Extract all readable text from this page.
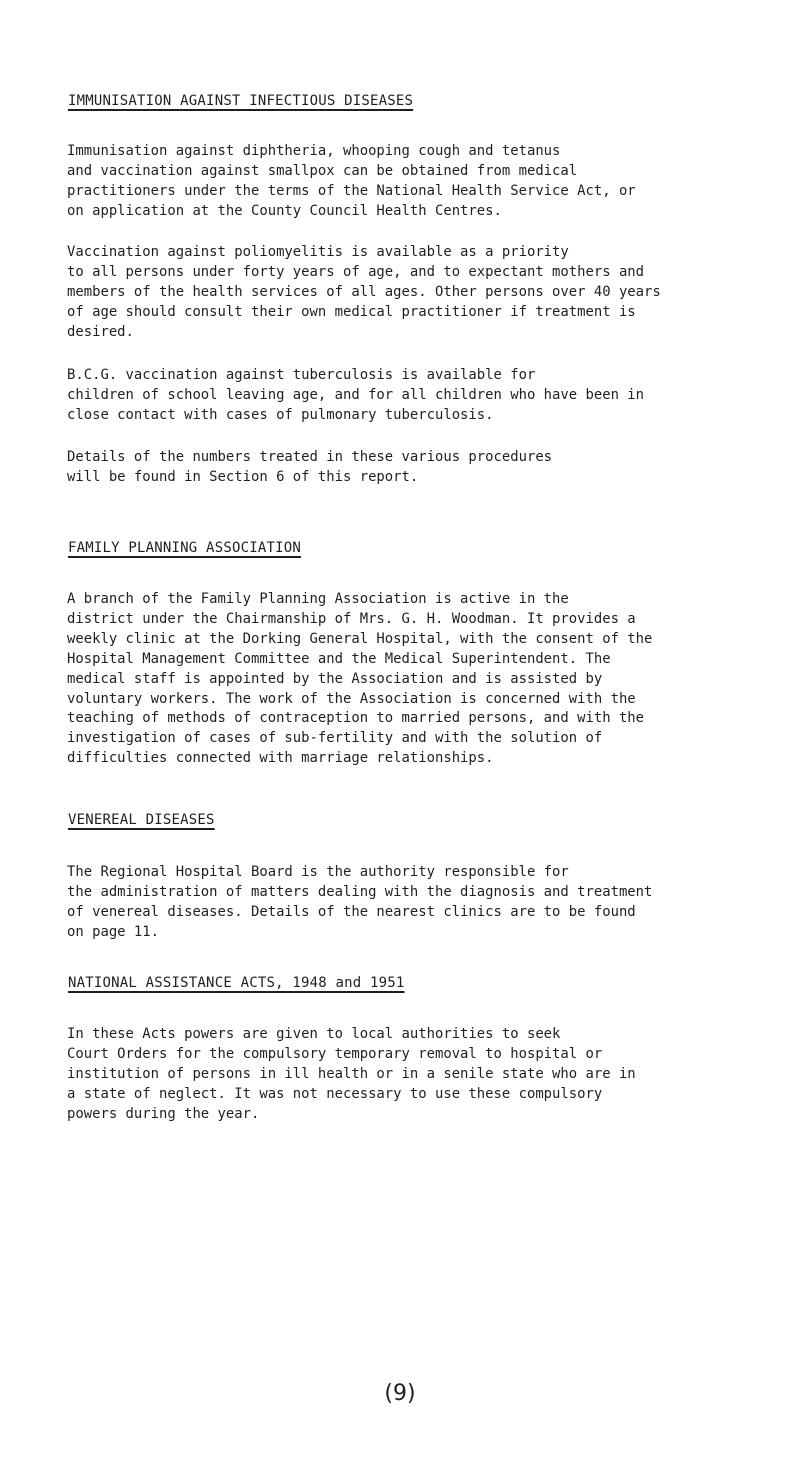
IMMUNISATION AGAINST INFECTIOUS DISEASES
Immunisation against diphtheria, whooping cough and tetanus
and vaccination against smallpox can be obtained from medical
practitioners under the terms of the National Health Service Act, or
on application at the County Council Health Centres.
Vaccination against poliomyelitis is available as a priority
to all persons under forty years of age, and to expectant mothers and
members of the health services of all ages. Other persons over 40 years
of age should consult their own medical practitioner if treatment is
desired.
B.C.G. vaccination against tuberculosis is available for
children of school leaving age, and for all children who have been in
close contact with cases of pulmonary tuberculosis.
Details of the numbers treated in these various procedures
will be found in Section 6 of this report.
FAMILY PLANNING ASSOCIATION
A branch of the Family Planning Association is active in the
district under the Chairmanship of Mrs. G. H. Woodman. It provides a
weekly clinic at the Dorking General Hospital, with the consent of the
Hospital Management Committee and the Medical Superintendent. The
medical staff is appointed by the Association and is assisted by
voluntary workers. The work of the Association is concerned with the
teaching of methods of contraception to married persons, and with the
investigation of cases of sub-fertility and with the solution of
difficulties connected with marriage relationships.
VENEREAL DISEASES
The Regional Hospital Board is the authority responsible for
the administration of matters dealing with the diagnosis and treatment
of venereal diseases. Details of the nearest clinics are to be found
on page 11.
NATIONAL ASSISTANCE ACTS, 1948 and 1951
In these Acts powers are given to local authorities to seek
Court Orders for the compulsory temporary removal to hospital or
institution of persons in ill health or in a senile state who are in
a state of neglect. It was not necessary to use these compulsory
powers during the year.
(9)
